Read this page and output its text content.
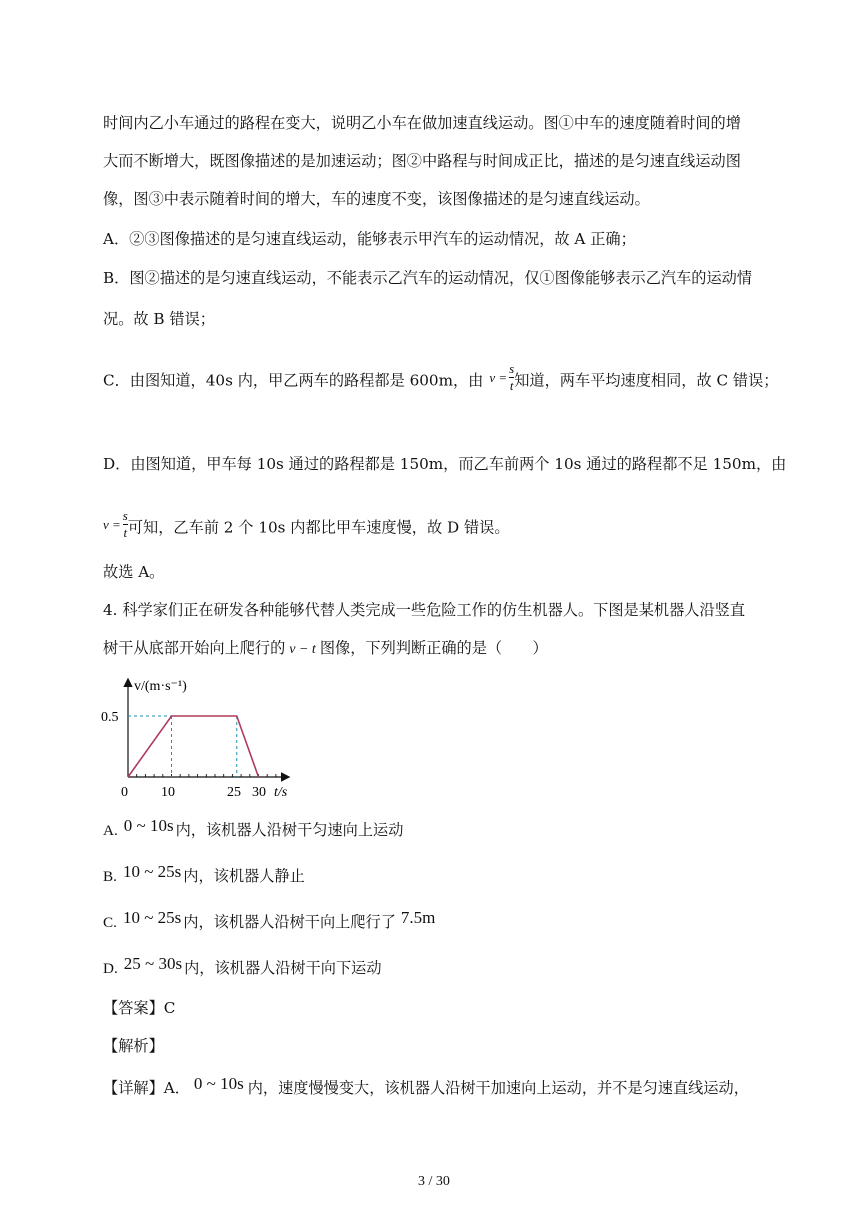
时间内乙小车通过的路程在变大，说明乙小车在做加速直线运动。图①中车的速度随着时间的增
大而不断增大，既图像描述的是加速运动；图②中路程与时间成正比，描述的是匀速直线运动图
像，图③中表示随着时间的增大，车的速度不变，该图像描述的是匀速直线运动。
A．②③图像描述的是匀速直线运动，能够表示甲汽车的运动情况，故 A 正确；
B．图②描述的是匀速直线运动，不能表示乙汽车的运动情况，仅①图像能够表示乙汽车的运动情
况。故 B 错误；
C．由图知道，40s 内，甲乙两车的路程都是 600m，由 $v = \frac{s}{t}$ 知道，两车平均速度相同，故 C 错误；
D．由图知道，甲车每 10s 通过的路程都是 150m，而乙车前两个 10s 通过的路程都不足 150m，由
$v = \frac{s}{t}$ 可知，乙车前 2 个 10s 内都比甲车速度慢，故 D 错误。
故选 A。
4. 科学家们正在研发各种能够代替人类完成一些危险工作的仿生机器人。下图是某机器人沿竖直
树干从底部开始向上爬行的 v − t 图像，下列判断正确的是（　　）
v/(m·s⁻¹)
0.5
0 10	25 30 t/s
A. 0 ~ 10s 内，该机器人沿树干匀速向上运动
B. 10 ~ 25s 内，该机器人静止
C. 10 ~ 25s 内，该机器人沿树干向上爬行了 7.5m
D. 25 ~ 30s 内，该机器人沿树干向下运动
【答案】C
【解析】
【详解】A． 0 ~ 10s 内，速度慢慢变大，该机器人沿树干加速向上运动，并不是匀速直线运动，
3 / 30
